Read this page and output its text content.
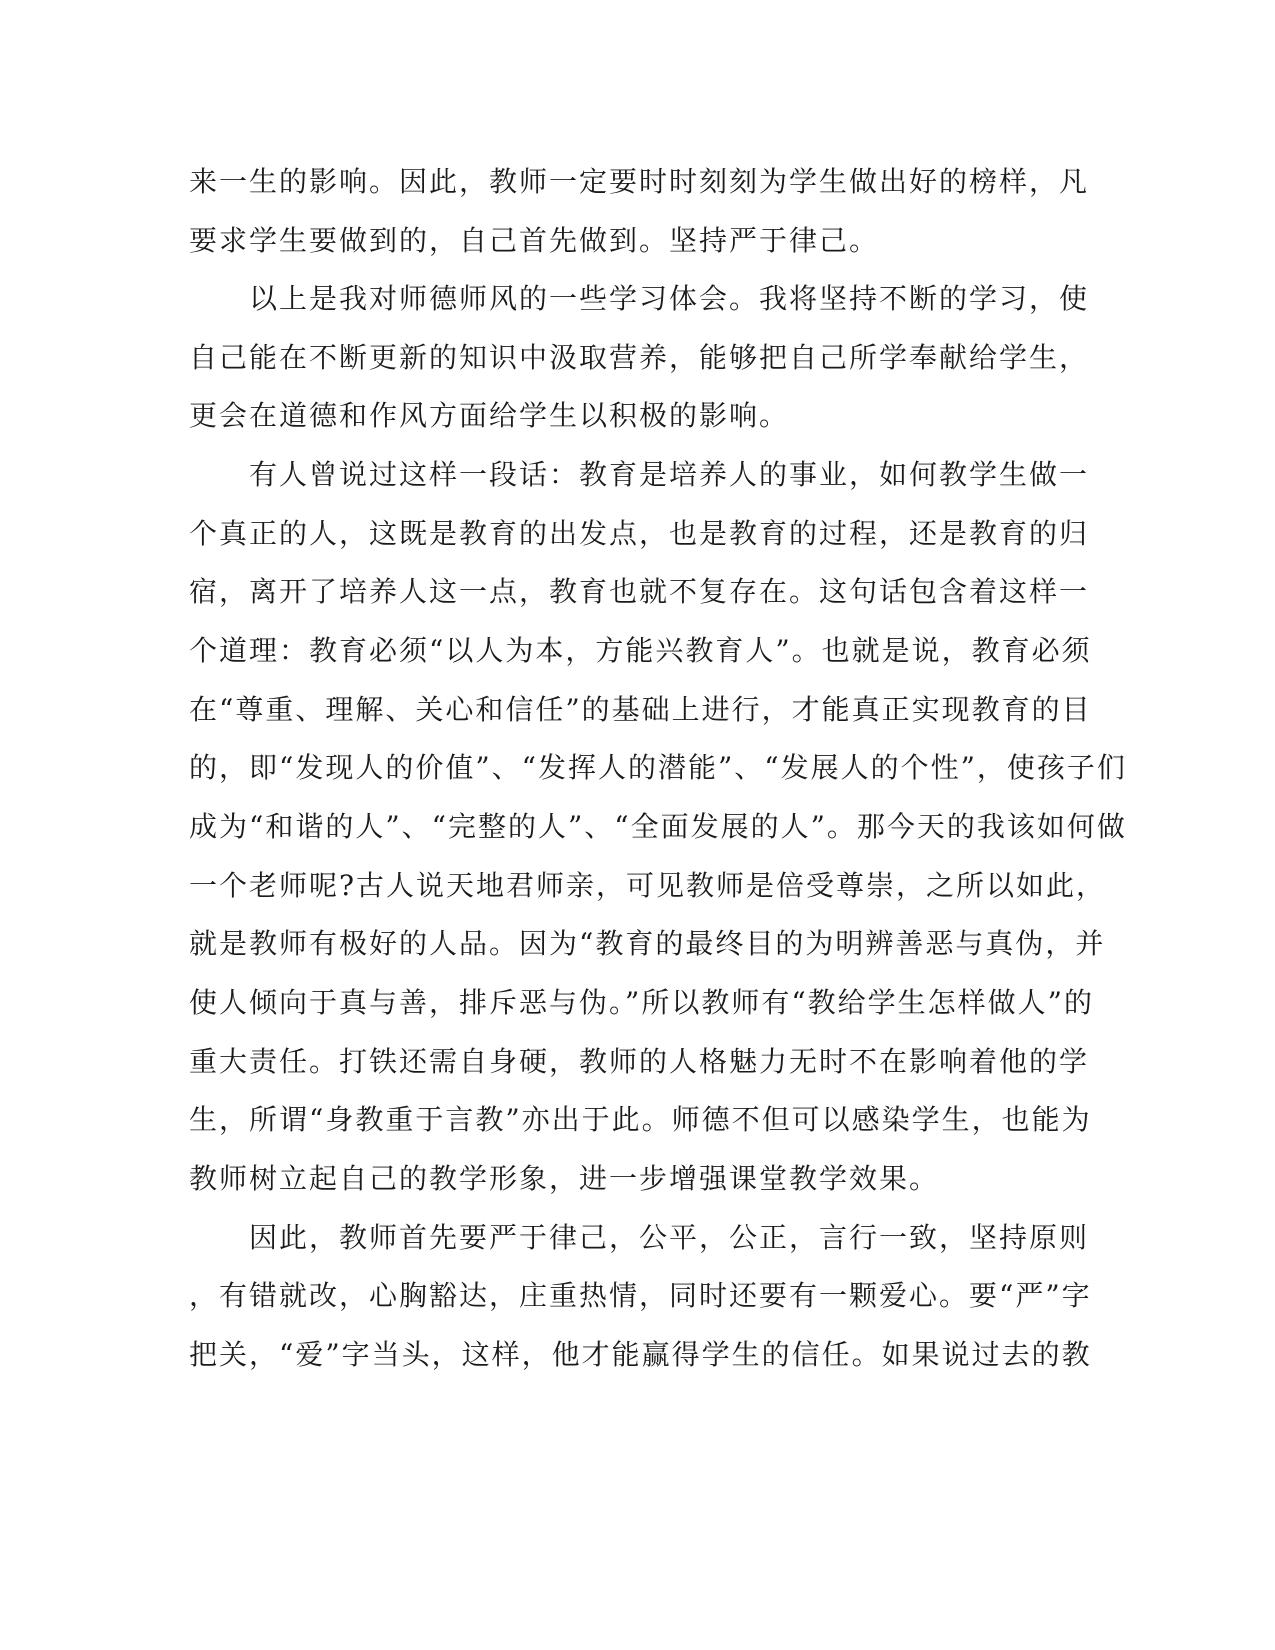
来一生的影响。因此，教师一定要时时刻刻为学生做出好的榜样，凡

要求学生要做到的，自己首先做到。坚持严于律己。

　　以上是我对师德师风的一些学习体会。我将坚持不断的学习，使

自己能在不断更新的知识中汲取营养，能够把自己所学奉献给学生，

更会在道德和作风方面给学生以积极的影响。

　　有人曾说过这样一段话：教育是培养人的事业，如何教学生做一

个真正的人，这既是教育的出发点，也是教育的过程，还是教育的归

宿，离开了培养人这一点，教育也就不复存在。这句话包含着这样一

个道理：教育必须“以人为本，方能兴教育人”。也就是说，教育必须

在“尊重、理解、关心和信任”的基础上进行，才能真正实现教育的目

的，即“发现人的价值”、“发挥人的潜能”、“发展人的个性”，使孩子们

成为“和谐的人”、“完整的人”、“全面发展的人”。那今天的我该如何做

一个老师呢?古人说天地君师亲，可见教师是倍受尊崇，之所以如此，

就是教师有极好的人品。因为“教育的最终目的为明辨善恶与真伪，并

使人倾向于真与善，排斥恶与伪。”所以教师有“教给学生怎样做人”的

重大责任。打铁还需自身硬，教师的人格魅力无时不在影响着他的学

生，所谓“身教重于言教”亦出于此。师德不但可以感染学生，也能为

教师树立起自己的教学形象，进一步增强课堂教学效果。

　　因此，教师首先要严于律己，公平，公正，言行一致，坚持原则

，有错就改，心胸豁达，庄重热情，同时还要有一颗爱心。要“严”字

把关，“爱”字当头，这样，他才能赢得学生的信任。如果说过去的教
